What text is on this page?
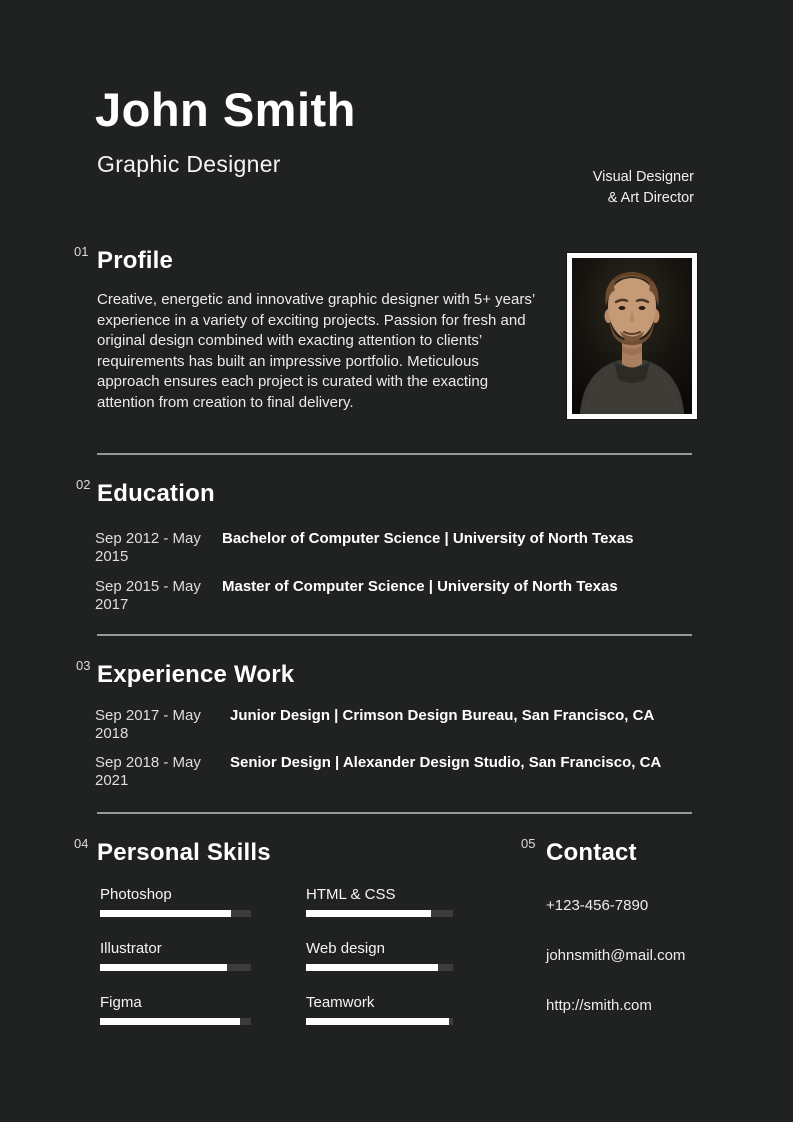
John Smith
Graphic Designer	Visual Designer
& Art Director
01 Profile
Creative, energetic and innovative graphic designer with 5+ years’ experience in a variety of exciting projects. Passion for fresh and original design combined with exacting attention to clients’ requirements has built an impressive portfolio. Meticulous approach ensures each project is curated with the exacting attention from creation to final delivery.
02 Education
Sep 2012 - May 2015
Bachelor of Computer Science | University of North Texas
Sep 2015 - May 2017
Master of Computer Science | University of North Texas
03 Experience Work
Sep 2017 - May 2018
Junior Design | Crimson Design Bureau, San Francisco, CA
Sep 2018 - May 2021
Senior Design | Alexander Design Studio, San Francisco, CA
04 Personal Skills
Photoshop
Illustrator
Figma
HTML & CSS
Web design
Teamwork
05 Contact
+123-456-7890
johnsmith@mail.com
http://smith.com
